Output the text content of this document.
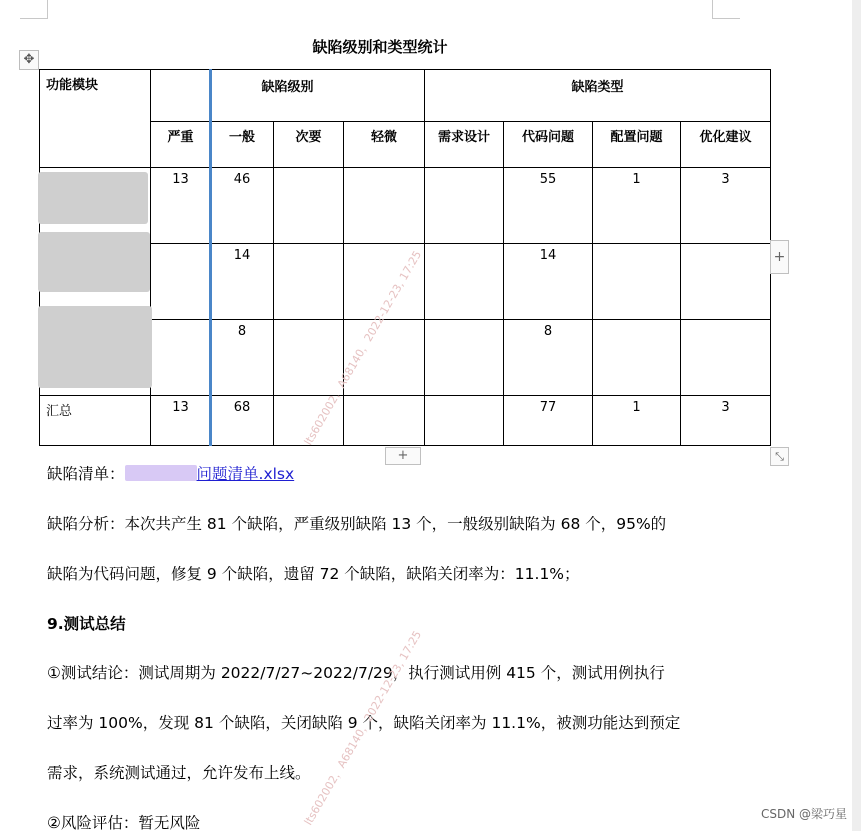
✥
缺陷级别和类型统计
功能模块	缺陷级别				缺陷类型			
	严重	一般	次要	轻微	需求设计	代码问题	配置问题	优化建议
	13	46				55	1	3
		14				14		
		8				8		
汇总	13	68				77	1	3
+
+	⤡
缺陷清单：	问题清单.xlsx
缺陷分析：本次共产生 81 个缺陷，严重级别缺陷 13 个，一般级别缺陷为 68 个，95%的
缺陷为代码问题，修复 9 个缺陷，遗留 72 个缺陷，缺陷关闭率为：11.1%；
9.测试总结
①测试结论：测试周期为 2022/7/27~2022/7/29，执行测试用例 415 个，测试用例执行
过率为 100%，发现 81 个缺陷，关闭缺陷 9 个，缺陷关闭率为 11.1%，被测功能达到预定
需求，系统测试通过，允许发布上线。
②风险评估：暂无风险
lts602002，A68140，2022-12-23, 17:25
lts602002，A68140，2022-12-23, 17:25	CSDN @梁巧星
